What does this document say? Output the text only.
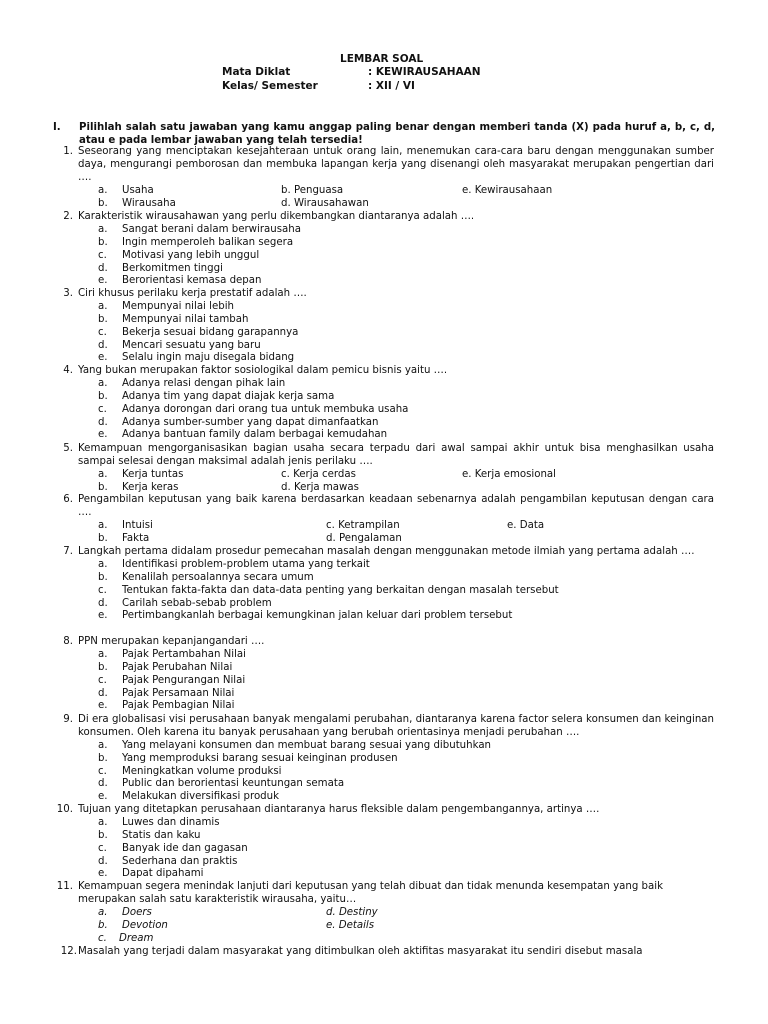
LEMBAR SOAL
Mata Diklat	: KEWIRAUSAHAAN
Kelas/ Semester	: XII / VI
I. Pilihlah salah satu jawaban yang kamu anggap paling benar dengan memberi tanda (X) pada huruf a, b, c, d, atau e pada lembar jawaban yang telah tersedia!
1. Seseorang yang menciptakan kesejahteraan untuk orang lain, menemukan cara-cara baru dengan menggunakan sumber daya, mengurangi pemborosan dan membuka lapangan kerja yang disenangi oleh masyarakat merupakan pengertian dari ….
a. Usaha	b. Penguasa	e. Kewirausahaan
b. Wirausaha	d. Wirausahawan
2. Karakteristik wirausahawan yang perlu dikembangkan diantaranya adalah ….
a. Sangat berani dalam berwirausaha
b. Ingin memperoleh balikan segera
c. Motivasi yang lebih unggul
d. Berkomitmen tinggi
e. Berorientasi kemasa depan
3. Ciri khusus perilaku kerja prestatif adalah ….
a. Mempunyai nilai lebih
b. Mempunyai nilai tambah
c. Bekerja sesuai bidang garapannya
d. Mencari sesuatu yang baru
e. Selalu ingin maju disegala bidang
4. Yang bukan merupakan faktor sosiologikal dalam pemicu bisnis yaitu ….
a. Adanya relasi dengan pihak lain
b. Adanya tim yang dapat diajak kerja sama
c. Adanya dorongan dari orang tua untuk membuka usaha
d. Adanya sumber-sumber yang dapat dimanfaatkan
e. Adanya bantuan family dalam berbagai kemudahan
5. Kemampuan mengorganisasikan bagian usaha secara terpadu dari awal sampai akhir untuk bisa menghasilkan usaha sampai selesai dengan maksimal adalah jenis perilaku ….
a. Kerja tuntas	c. Kerja cerdas	e. Kerja emosional
b. Kerja keras	d. Kerja mawas
6. Pengambilan keputusan yang baik karena berdasarkan keadaan sebenarnya adalah pengambilan keputusan dengan cara ….
a. Intuisi	c. Ketrampilan	e. Data
b. Fakta	d. Pengalaman
7. Langkah pertama didalam prosedur pemecahan masalah dengan menggunakan metode ilmiah yang pertama adalah ….
a. Identifikasi problem-problem utama yang terkait
b. Kenalilah persoalannya secara umum
c. Tentukan fakta-fakta dan data-data penting yang berkaitan dengan masalah tersebut
d. Carilah sebab-sebab problem
e. Pertimbangkanlah berbagai kemungkinan jalan keluar dari problem tersebut
8. PPN merupakan kepanjangandari ….
a. Pajak Pertambahan Nilai
b. Pajak Perubahan Nilai
c. Pajak Pengurangan Nilai
d. Pajak Persamaan Nilai
e. Pajak Pembagian Nilai
9. Di era globalisasi visi perusahaan banyak mengalami perubahan, diantaranya karena factor selera konsumen dan keinginan konsumen. Oleh karena itu banyak perusahaan yang berubah orientasinya menjadi perubahan ….
a. Yang melayani konsumen dan membuat barang sesuai yang dibutuhkan
b. Yang memproduksi barang sesuai keinginan produsen
c. Meningkatkan volume produksi
d. Public dan berorientasi keuntungan semata
e. Melakukan diversifikasi produk
10. Tujuan yang ditetapkan perusahaan diantaranya harus fleksible dalam pengembangannya, artinya ….
a. Luwes dan dinamis
b. Statis dan kaku
c. Banyak ide dan gagasan
d. Sederhana dan praktis
e. Dapat dipahami
11. Kemampuan segera menindak lanjuti dari keputusan yang telah dibuat dan tidak menunda kesempatan yang baik merupakan salah satu karakteristik wirausaha, yaitu…
a. Doers	d. Destiny
b. Devotion	e. Details
c. Dream
12. Masalah yang terjadi dalam masyarakat yang ditimbulkan oleh aktifitas masyarakat itu sendiri disebut masala
